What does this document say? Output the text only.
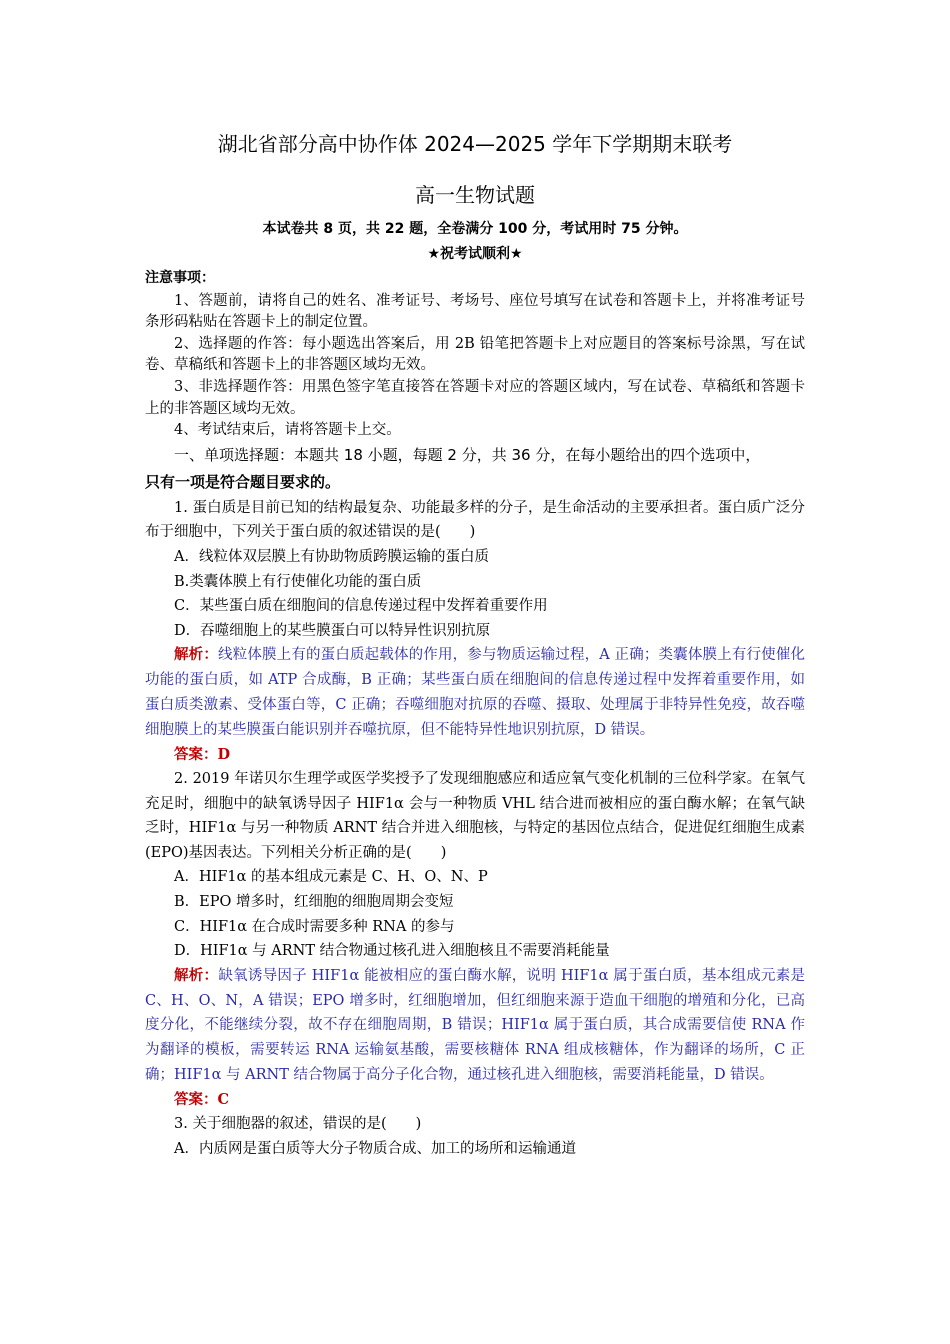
湖北省部分高中协作体 2024—2025 学年下学期期末联考
高一生物试题
本试卷共 8 页，共 22 题，全卷满分 100 分，考试用时 75 分钟。
★祝考试顺利★

注意事项：

1、答题前，请将自己的姓名、准考证号、考场号、座位号填写在试卷和答题卡上，并将准考证号条形码粘贴在答题卡上的制定位置。

2、选择题的作答：每小题选出答案后，用 2B 铅笔把答题卡上对应题目的答案标号涂黑，写在试卷、草稿纸和答题卡上的非答题区域均无效。

3、非选择题作答：用黑色签字笔直接答在答题卡对应的答题区域内，写在试卷、草稿纸和答题卡上的非答题区域均无效。

4、考试结束后，请将答题卡上交。

一、单项选择题：本题共 18 小题，每题 2 分，共 36 分，在每小题给出的四个选项中，
只有一项是符合题目要求的。

1. 蛋白质是目前已知的结构最复杂、功能最多样的分子，是生命活动的主要承担者。蛋白质广泛分布于细胞中，下列关于蛋白质的叙述错误的是(　　)

A．线粒体双层膜上有协助物质跨膜运输的蛋白质

B.类囊体膜上有行使催化功能的蛋白质

C．某些蛋白质在细胞间的信息传递过程中发挥着重要作用

D．吞噬细胞上的某些膜蛋白可以特异性识别抗原

解析：线粒体膜上有的蛋白质起载体的作用，参与物质运输过程，A 正确；类囊体膜上有行使催化功能的蛋白质，如 ATP 合成酶，B 正确；某些蛋白质在细胞间的信息传递过程中发挥着重要作用，如蛋白质类激素、受体蛋白等，C 正确；吞噬细胞对抗原的吞噬、摄取、处理属于非特异性免疫，故吞噬细胞膜上的某些膜蛋白能识别并吞噬抗原，但不能特异性地识别抗原，D 错误。

答案：D

2. 2019 年诺贝尔生理学或医学奖授予了发现细胞感应和适应氧气变化机制的三位科学家。在氧气充足时，细胞中的缺氧诱导因子 HIF1α 会与一种物质 VHL 结合进而被相应的蛋白酶水解；在氧气缺乏时，HIF1α 与另一种物质 ARNT 结合并进入细胞核，与特定的基因位点结合，促进促红细胞生成素(EPO)基因表达。下列相关分析正确的是(　　)

A．HIF1α 的基本组成元素是 C、H、O、N、P

B．EPO 增多时，红细胞的细胞周期会变短

C．HIF1α 在合成时需要多种 RNA 的参与

D．HIF1α 与 ARNT 结合物通过核孔进入细胞核且不需要消耗能量

解析：缺氧诱导因子 HIF1α 能被相应的蛋白酶水解，说明 HIF1α 属于蛋白质，基本组成元素是 C、H、O、N，A 错误；EPO 增多时，红细胞增加，但红细胞来源于造血干细胞的增殖和分化，已高度分化，不能继续分裂，故不存在细胞周期，B 错误；HIF1α 属于蛋白质，其合成需要信使 RNA 作为翻译的模板，需要转运 RNA 运输氨基酸，需要核糖体 RNA 组成核糖体，作为翻译的场所，C 正确；HIF1α 与 ARNT 结合物属于高分子化合物，通过核孔进入细胞核，需要消耗能量，D 错误。

答案：C

3. 关于细胞器的叙述，错误的是(　　)

A．内质网是蛋白质等大分子物质合成、加工的场所和运输通道
